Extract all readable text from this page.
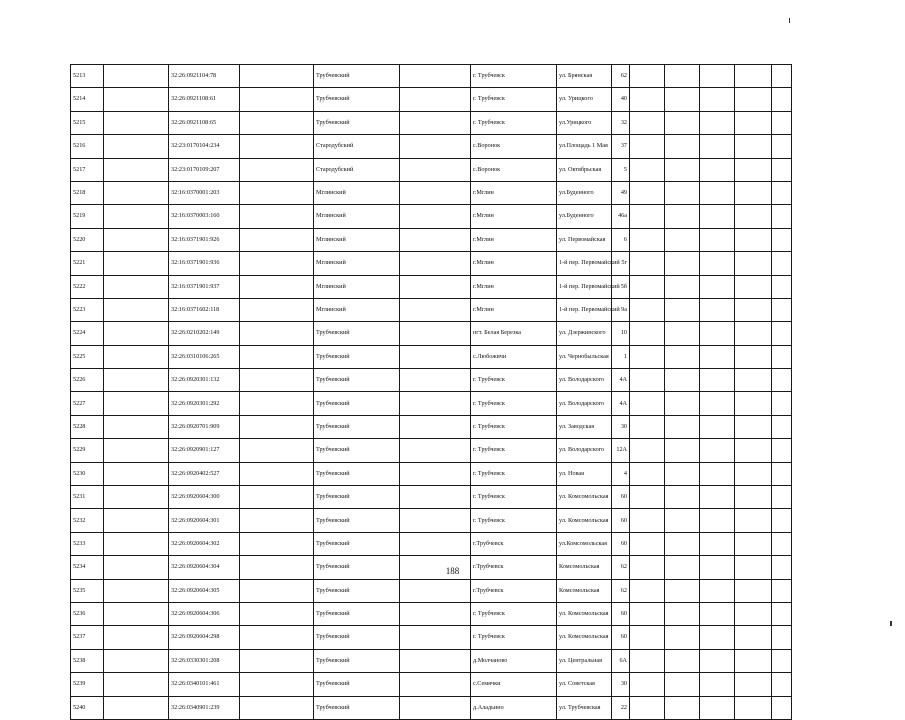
5213		32:26:0921104:78		Трубчевский		г. Трубчевск	ул. Брянская	62					
5214		32:26:0921108:61		Трубчевский		г. Трубчевск	ул. Урицкого	40					
5215		32:26:0921108:65		Трубчевский		г. Трубчевск	ул.Урицкого	32					
5216		32:23:0170104:234		Стародубский		с.Воронок	ул.Площадь 1 Мая	37					
5217		32:23:0170109:207		Стародубский		с.Воронок	ул. Октябрьская	5					
5218		32:16:0370001:203		Мглинский		г.Мглин	ул.Буденного	49					
5219		32:16:0370003:160		Мглинский		г.Мглин	ул.Буденного	46а					
5220		32:16:0371901:926		Мглинский		г.Мглин	ул. Первомайская	6					
5221		32:16:0371901:936		Мглинский		г.Мглин	1-й пер. Первомайский	5г					
5222		32:16:0371901:937		Мглинский		г.Мглин	1-й пер. Первомайский	5б					
5223		32:16:0371602:118		Мглинский		г.Мглин	1-й пер. Первомайский	9а					
5224		32:26:0210202:149		Трубчевский		пгт. Белая Березка	ул. Дзержинского	10					
5225		32:26:0310106:265		Трубчевский		с.Любожичи	ул. Чернобыльская	1					
5226		32:26:0920301:132		Трубчевский		г. Трубчевск	ул. Володарского	4А					
5227		32:26:0920301:292		Трубчевский		г. Трубчевск	ул. Володарского	4А					
5228		32:26:0920701:909		Трубчевский		г. Трубчевск	ул. Заводская	30					
5229		32:26:0920901:127		Трубчевский		г. Трубчевск	ул. Володарского	12А					
5230		32:26:0920402:527		Трубчевский		г. Трубчевск	ул. Новая	4					
5231		32:26:0920604:300		Трубчевский		г. Трубчевск	ул. Комсомольская	60					
5232		32:26:0920604:301		Трубчевский		г. Трубчевск	ул. Комсомольская	60					
5233		32:26:0920604:302		Трубчевский		г.Трубчевск	ул.Комсомольская	60					
5234		32:26:0920604:304		Трубчевский		г.Трубчевск	Комсомольская	62					
5235		32:26:0920604:305		Трубчевский		г.Трубчевск	Комсомольская	62					
5236		32:26:0920604:306		Трубчевский		г. Трубчевск	ул. Комсомольская	60					
5237		32:26:0920604:298		Трубчевский		г. Трубчевск	ул. Комсомольская	60					
5238		32:26:0330301:208		Трубчевский		д.Молчаново	ул. Центральная	6А					
5239		32:26:0340101:461		Трубчевский		с.Семячки	ул. Советская	30					
5240		32:26:0340901:239		Трубчевский		д.Аладьино	ул. Трубчевская	22					
188
